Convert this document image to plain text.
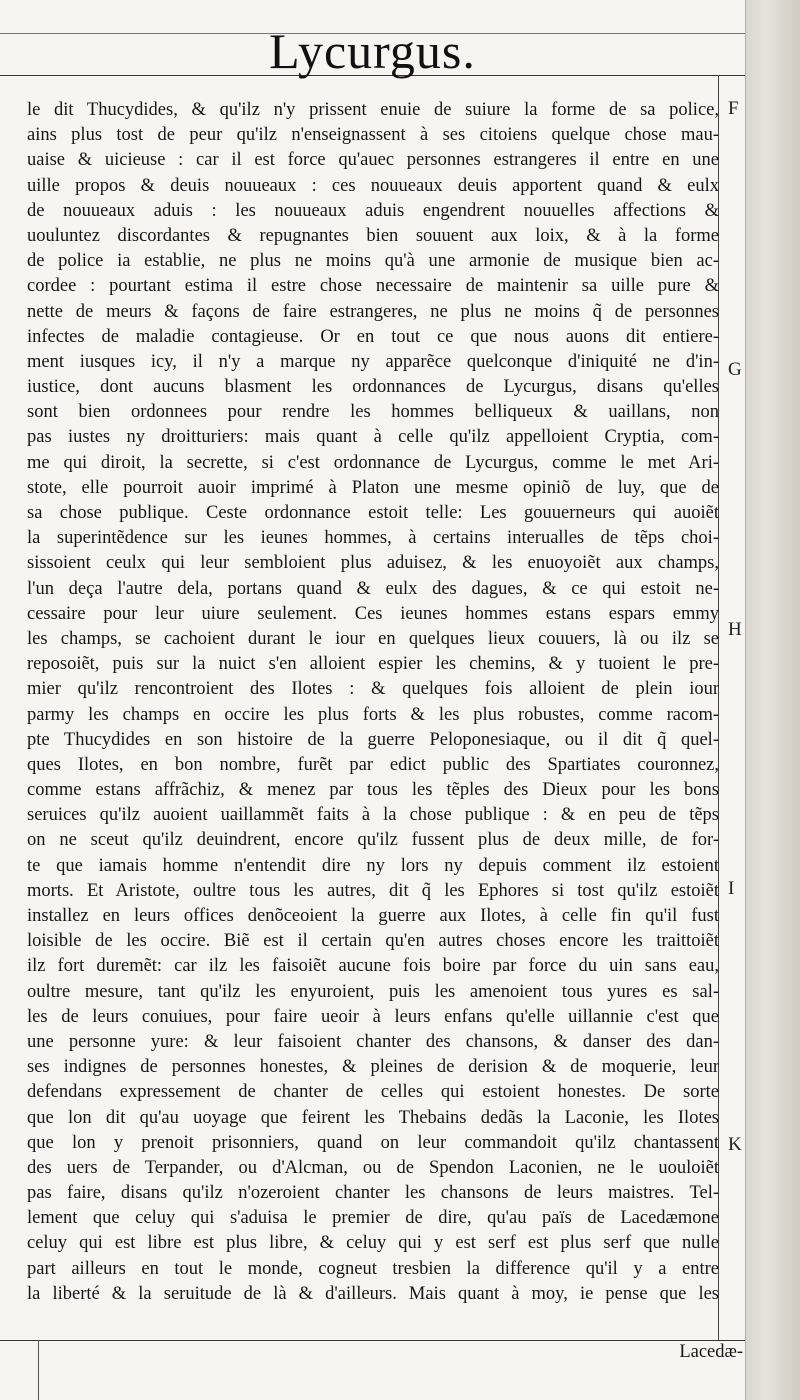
Lycurgus.
le dit Thucydides, & qu'ilz n'y prissent enuie de suiure la forme de sa police,
ains plus tost de peur qu'ilz n'enseignassent à ses citoiens quelque chose mau-
uaise & uicieuse : car il est force qu'auec personnes estrangeres il entre en une
uille propos & deuis nouueaux : ces nouueaux deuis apportent quand & eulx
de nouueaux aduis : les nouueaux aduis engendrent nouuelles affections &
uouluntez discordantes & repugnantes bien souuent aux loix, & à la forme
de police ia establie, ne plus ne moins qu'à une armonie de musique bien ac-
cordee : pourtant estima il estre chose necessaire de maintenir sa uille pure &
nette de meurs & façons de faire estrangeres, ne plus ne moins q̃ de personnes
infectes de maladie contagieuse. Or en tout ce que nous auons dit entiere-
ment iusques icy, il n'y a marque ny apparẽce quelconque d'iniquité ne d'in-
iustice, dont aucuns blasment les ordonnances de Lycurgus, disans qu'elles
sont bien ordonnees pour rendre les hommes belliqueux & uaillans, non
pas iustes ny droitturiers: mais quant à celle qu'ilz appelloient Cryptia, com-
me qui diroit, la secrette, si c'est ordonnance de Lycurgus, comme le met Ari-
stote, elle pourroit auoir imprimé à Platon une mesme opiniõ de luy, que de
sa chose publique. Ceste ordonnance estoit telle: Les gouuerneurs qui auoiẽt
la superintẽdence sur les ieunes hommes, à certains interualles de tẽps choi-
sissoient ceulx qui leur sembloient plus aduisez, & les enuoyoiẽt aux champs,
l'un deça l'autre dela, portans quand & eulx des dagues, & ce qui estoit ne-
cessaire pour leur uiure seulement. Ces ieunes hommes estans espars emmy
les champs, se cachoient durant le iour en quelques lieux couuers, là ou ilz se
reposoiẽt, puis sur la nuict s'en alloient espier les chemins, & y tuoient le pre-
mier qu'ilz rencontroient des Ilotes : & quelques fois alloient de plein iour
parmy les champs en occire les plus forts & les plus robustes, comme racom-
pte Thucydides en son histoire de la guerre Peloponesiaque, ou il dit q̃ quel-
ques Ilotes, en bon nombre, furẽt par edict public des Spartiates couronnez,
comme estans affrãchiz, & menez par tous les tẽples des Dieux pour les bons
seruices qu'ilz auoient uaillammẽt faits à la chose publique : & en peu de tẽps
on ne sceut qu'ilz deuindrent, encore qu'ilz fussent plus de deux mille, de for-
te que iamais homme n'entendit dire ny lors ny depuis comment ilz estoient
morts. Et Aristote, oultre tous les autres, dit q̃ les Ephores si tost qu'ilz estoiẽt
installez en leurs offices denõceoient la guerre aux Ilotes, à celle fin qu'il fust
loisible de les occire. Biẽ est il certain qu'en autres choses encore les traittoiẽt
ilz fort duremẽt: car ilz les faisoiẽt aucune fois boire par force du uin sans eau,
oultre mesure, tant qu'ilz les enyuroient, puis les amenoient tous yures es sal-
les de leurs conuiues, pour faire ueoir à leurs enfans qu'elle uillannie c'est que
une personne yure: & leur faisoient chanter des chansons, & danser des dan-
ses indignes de personnes honestes, & pleines de derision & de moquerie, leur
defendans expressement de chanter de celles qui estoient honestes. De sorte
que lon dit qu'au uoyage que feirent les Thebains dedãs la Laconie, les Ilotes
que lon y prenoit prisonniers, quand on leur commandoit qu'ilz chantassent
des uers de Terpander, ou d'Alcman, ou de Spendon Laconien, ne le uouloiẽt
pas faire, disans qu'ilz n'ozeroient chanter les chansons de leurs maistres. Tel-
lement que celuy qui s'aduisa le premier de dire, qu'au païs de Lacedæmone
celuy qui est libre est plus libre, & celuy qui y est serf est plus serf que nulle
part ailleurs en tout le monde, cogneut tresbien la difference qu'il y a entre
la liberté & la seruitude de là & d'ailleurs. Mais quant à moy, ie pense que les
F
G
H
I
K
Lacedæ-
